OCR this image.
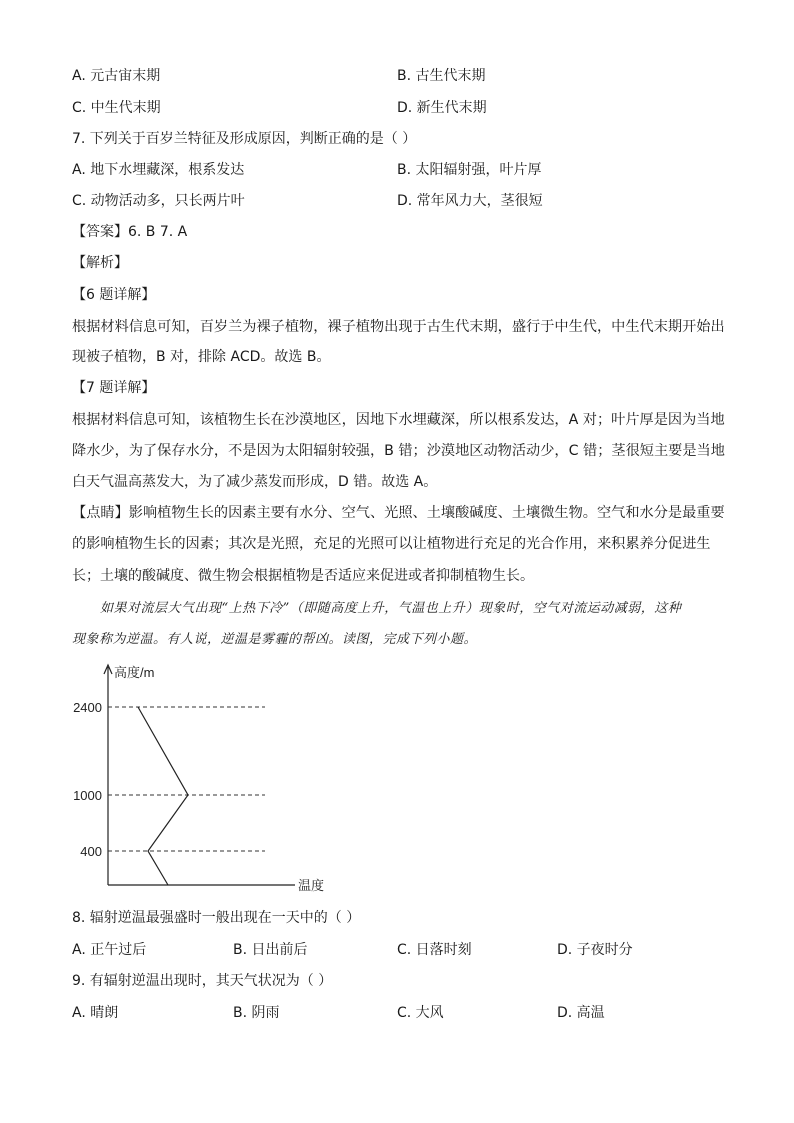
A. 元古宙末期	B. 古生代末期
C. 中生代末期	D. 新生代末期
7. 下列关于百岁兰特征及形成原因，判断正确的是（ ）
A. 地下水埋藏深，根系发达	B. 太阳辐射强，叶片厚
C. 动物活动多，只长两片叶	D. 常年风力大，茎很短
【答案】6. B 7. A
【解析】
【6 题详解】
根据材料信息可知，百岁兰为裸子植物，裸子植物出现于古生代末期，盛行于中生代，中生代末期开始出
现被子植物，B 对，排除 ACD。故选 B。
【7 题详解】
根据材料信息可知，该植物生长在沙漠地区，因地下水埋藏深，所以根系发达，A 对；叶片厚是因为当地
降水少，为了保存水分，不是因为太阳辐射较强，B 错；沙漠地区动物活动少，C 错；茎很短主要是当地
白天气温高蒸发大，为了减少蒸发而形成，D 错。故选 A。
【点睛】影响植物生长的因素主要有水分、空气、光照、土壤酸碱度、土壤微生物。空气和水分是最重要
的影响植物生长的因素；其次是光照，充足的光照可以让植物进行充足的光合作用，来积累养分促进生
长；土壤的酸碱度、微生物会根据植物是否适应来促进或者抑制植物生长。
如果对流层大气出现“上热下冷”（即随高度上升，气温也上升）现象时，空气对流运动减弱，这种
现象称为逆温。有人说，逆温是雾霾的帮凶。读图，完成下列小题。
高度/m
温度
400
1000
2400
8. 辐射逆温最强盛时一般出现在一天中的（ ）
A. 正午过后	B. 日出前后	C. 日落时刻	D. 子夜时分
9. 有辐射逆温出现时，其天气状况为（ ）
A. 晴朗	B. 阴雨	C. 大风	D. 高温
